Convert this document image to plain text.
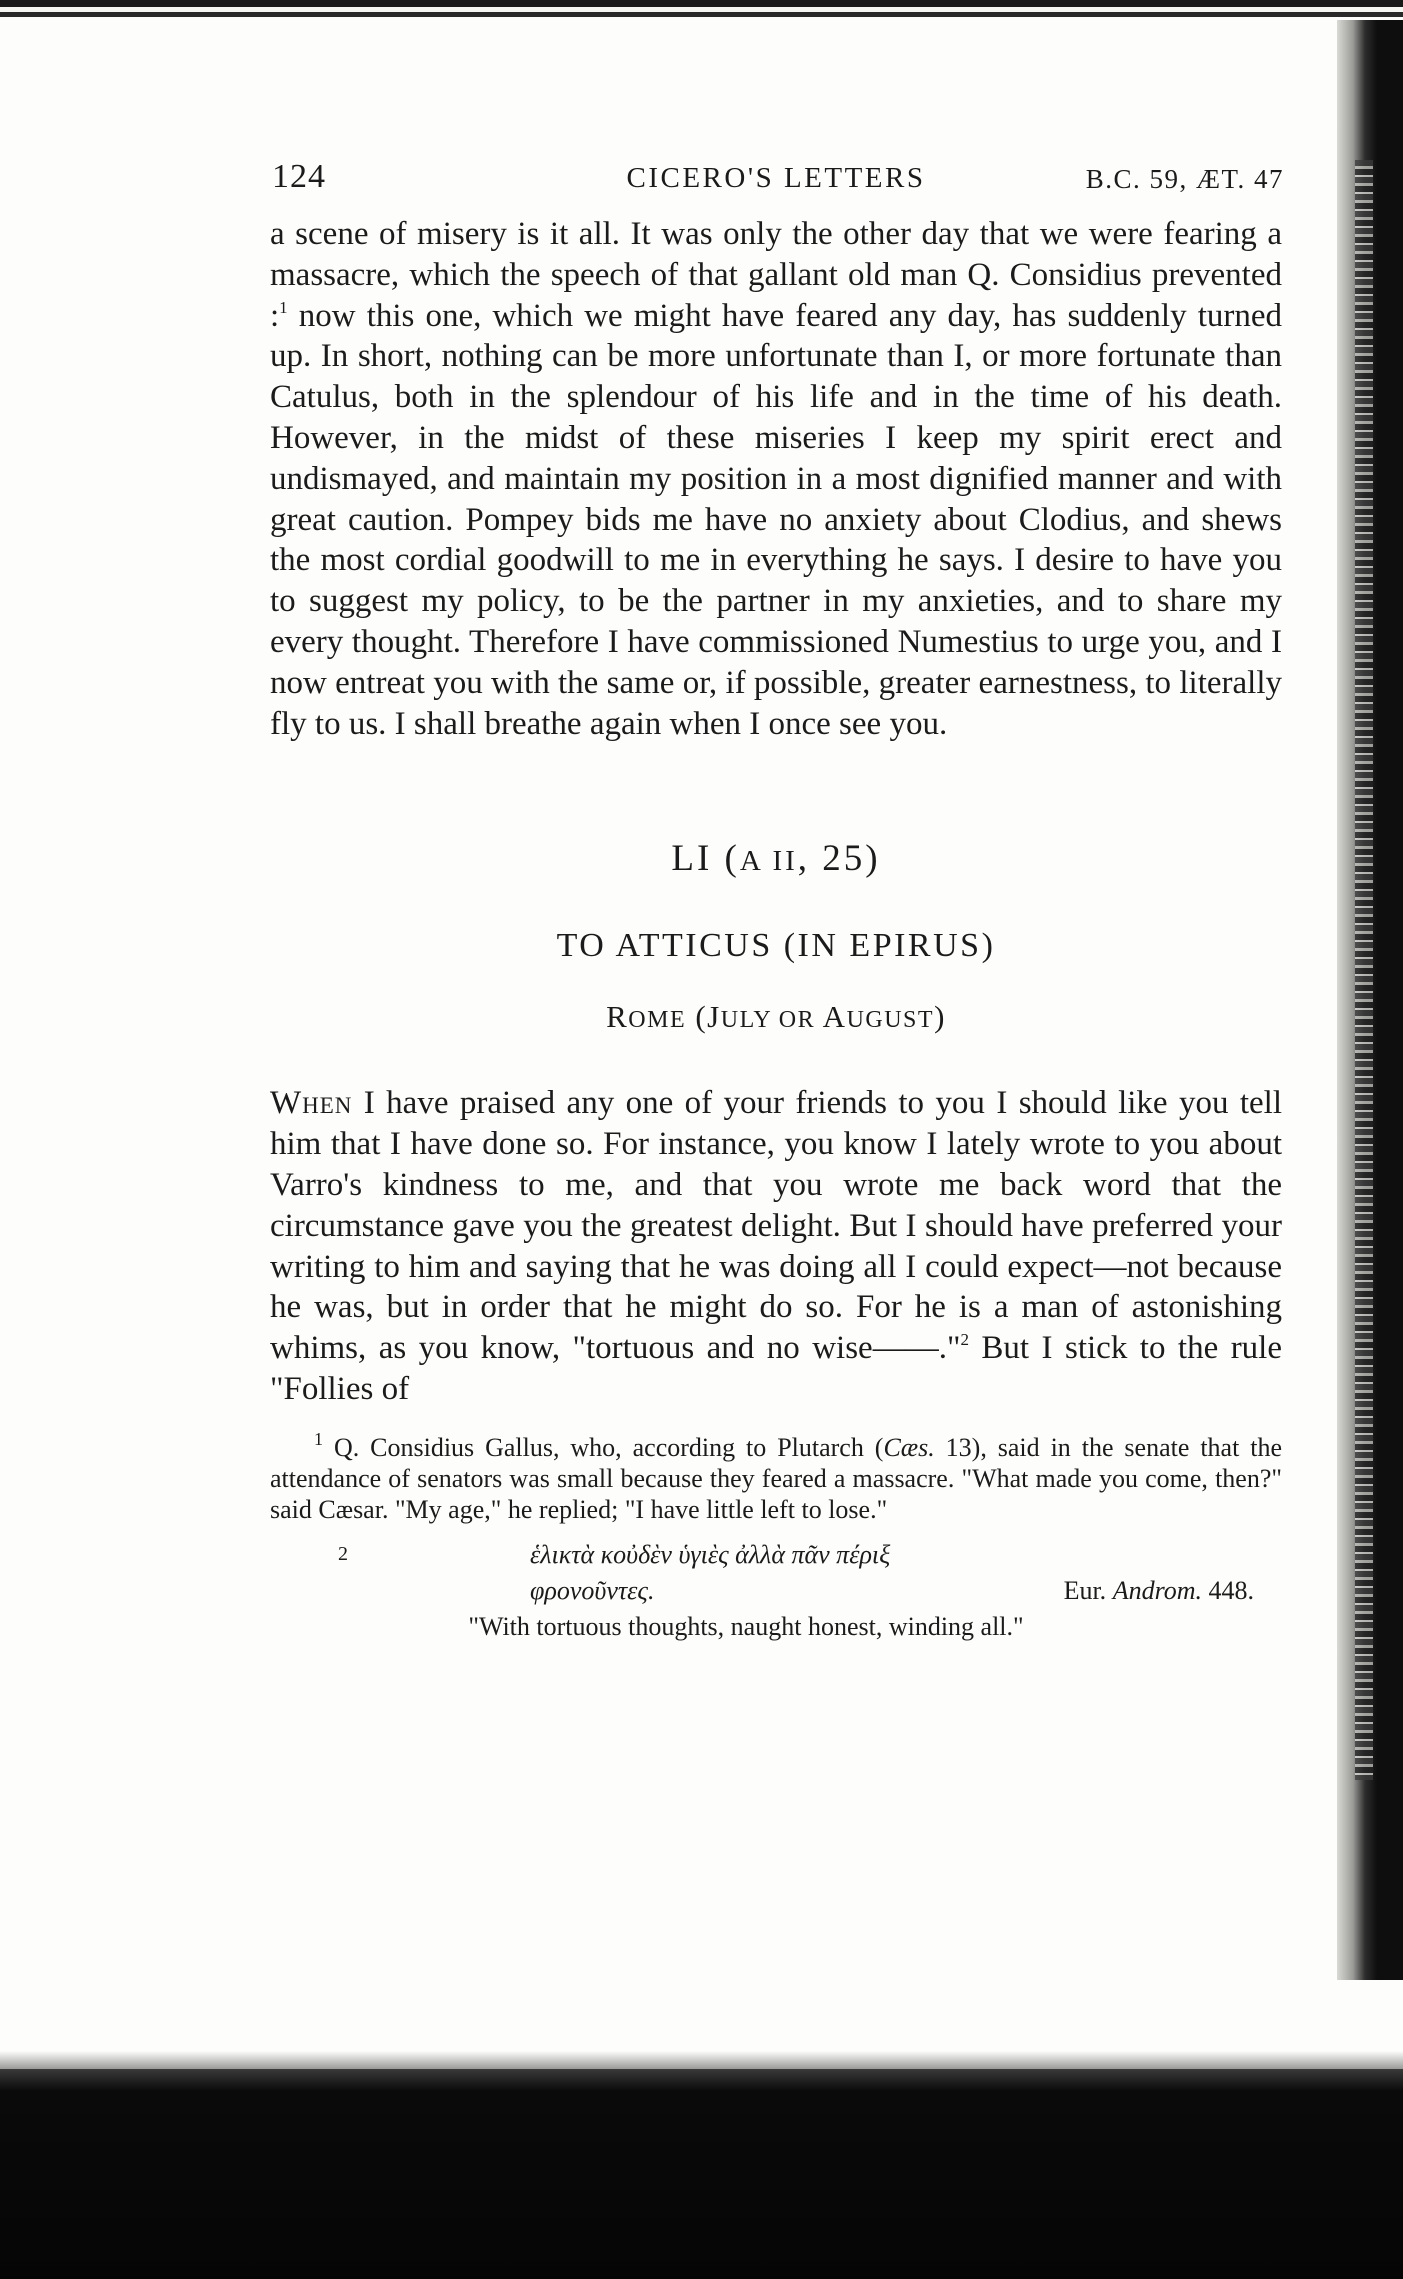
124	CICERO'S LETTERS	B.C. 59, ÆT. 47

a scene of misery is it all. It was only the other day that we were fearing a massacre, which the speech of that gallant old man Q. Considius prevented :$^1$ now this one, which we might have feared any day, has suddenly turned up. In short, nothing can be more unfortunate than I, or more fortunate than Catulus, both in the splendour of his life and in the time of his death. However, in the midst of these miseries I keep my spirit erect and undismayed, and maintain my position in a most dignified manner and with great caution. Pompey bids me have no anxiety about Clodius, and shews the most cordial goodwill to me in everything he says. I desire to have you to suggest my policy, to be the partner in my anxieties, and to share my every thought. Therefore I have commissioned Numestius to urge you, and I now entreat you with the same or, if possible, greater earnestness, to literally fly to us. I shall breathe again when I once see you.

LI (A II, 25)
TO ATTICUS (IN EPIRUS)
ROME (JULY OR AUGUST)

When I have praised any one of your friends to you I should like you tell him that I have done so. For instance, you know I lately wrote to you about Varro's kindness to me, and that you wrote me back word that the circumstance gave you the greatest delight. But I should have preferred your writing to him and saying that he was doing all I could expect—not because he was, but in order that he might do so. For he is a man of astonishing whims, as you know, "tortuous and no wise——."$^2$ But I stick to the rule "Follies of

$^1$ Q. Considius Gallus, who, according to Plutarch (Cæs. 13), said in the senate that the attendance of senators was small because they feared a massacre. "What made you come, then?" said Cæsar. "My age," he replied; "I have little left to lose."

2	ἑλικτὰ κοὐδὲν ὑγιὲς ἀλλὰ πᾶν πέριξ
φρονοῦντες.	Eur. Androm. 448.

"With tortuous thoughts, naught honest, winding all."
